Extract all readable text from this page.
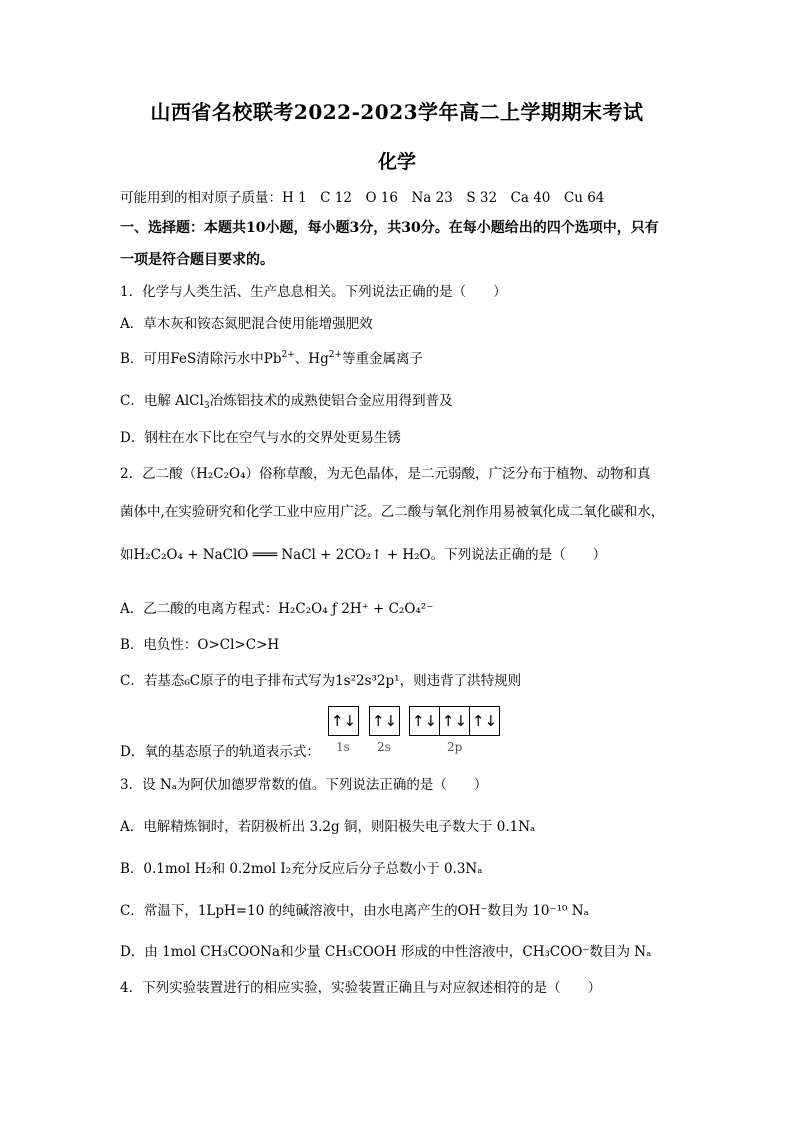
山西省名校联考2022-2023学年高二上学期期末考试
化学
可能用到的相对原子质量：H 1　C 12　O 16　Na 23　S 32　Ca 40　Cu 64
一、选择题：本题共10小题，每小题3分，共30分。在每小题给出的四个选项中，只有
一项是符合题目要求的。
1．化学与人类生活、生产息息相关。下列说法正确的是（　　）
A．草木灰和铵态氮肥混合使用能增强肥效
B．可用FeS清除污水中$Pb^{2+}$、$Hg^{2+}$等重金属离子
C．电解 AlCl$_3$冶炼铝技术的成熟使铝合金应用得到普及
D．钢柱在水下比在空气与水的交界处更易生锈
2．乙二酸（H₂C₂O₄）俗称草酸，为无色晶体，是二元弱酸，广泛分布于植物、动物和真
菌体中,在实验研究和化学工业中应用广泛。乙二酸与氧化剂作用易被氧化成二氧化碳和水，
如H₂C₂O₄ + NaClO ═══ NaCl + 2CO₂↑ + H₂O。下列说法正确的是（　　）
A．乙二酸的电离方程式：H₂C₂O₄ ƒ 2H⁺ + C₂O₄²⁻
B．电负性：O>Cl>C>H
C．若基态₆C原子的电子排布式写为1s²2s³2p¹，则违背了洪特规则
D．氧的基态原子的轨道表示式：
↑↓ ↑↓ ↑↓ ↑↓ ↑↓
1s 2s	2p
3．设 Nₐ为阿伏加德罗常数的值。下列说法正确的是（　　）
A．电解精炼铜时，若阴极析出 3.2g 铜，则阳极失电子数大于 0.1Nₐ
B．0.1mol H₂和 0.2mol I₂充分反应后分子总数小于 0.3Nₐ
C．常温下，1LpH=10 的纯碱溶液中，由水电离产生的OH⁻数目为 10⁻¹⁰ Nₐ
D．由 1mol CH₃COONa和少量 CH₃COOH 形成的中性溶液中，CH₃COO⁻数目为 Nₐ
4．下列实验装置进行的相应实验，实验装置正确且与对应叙述相符的是（　　）
